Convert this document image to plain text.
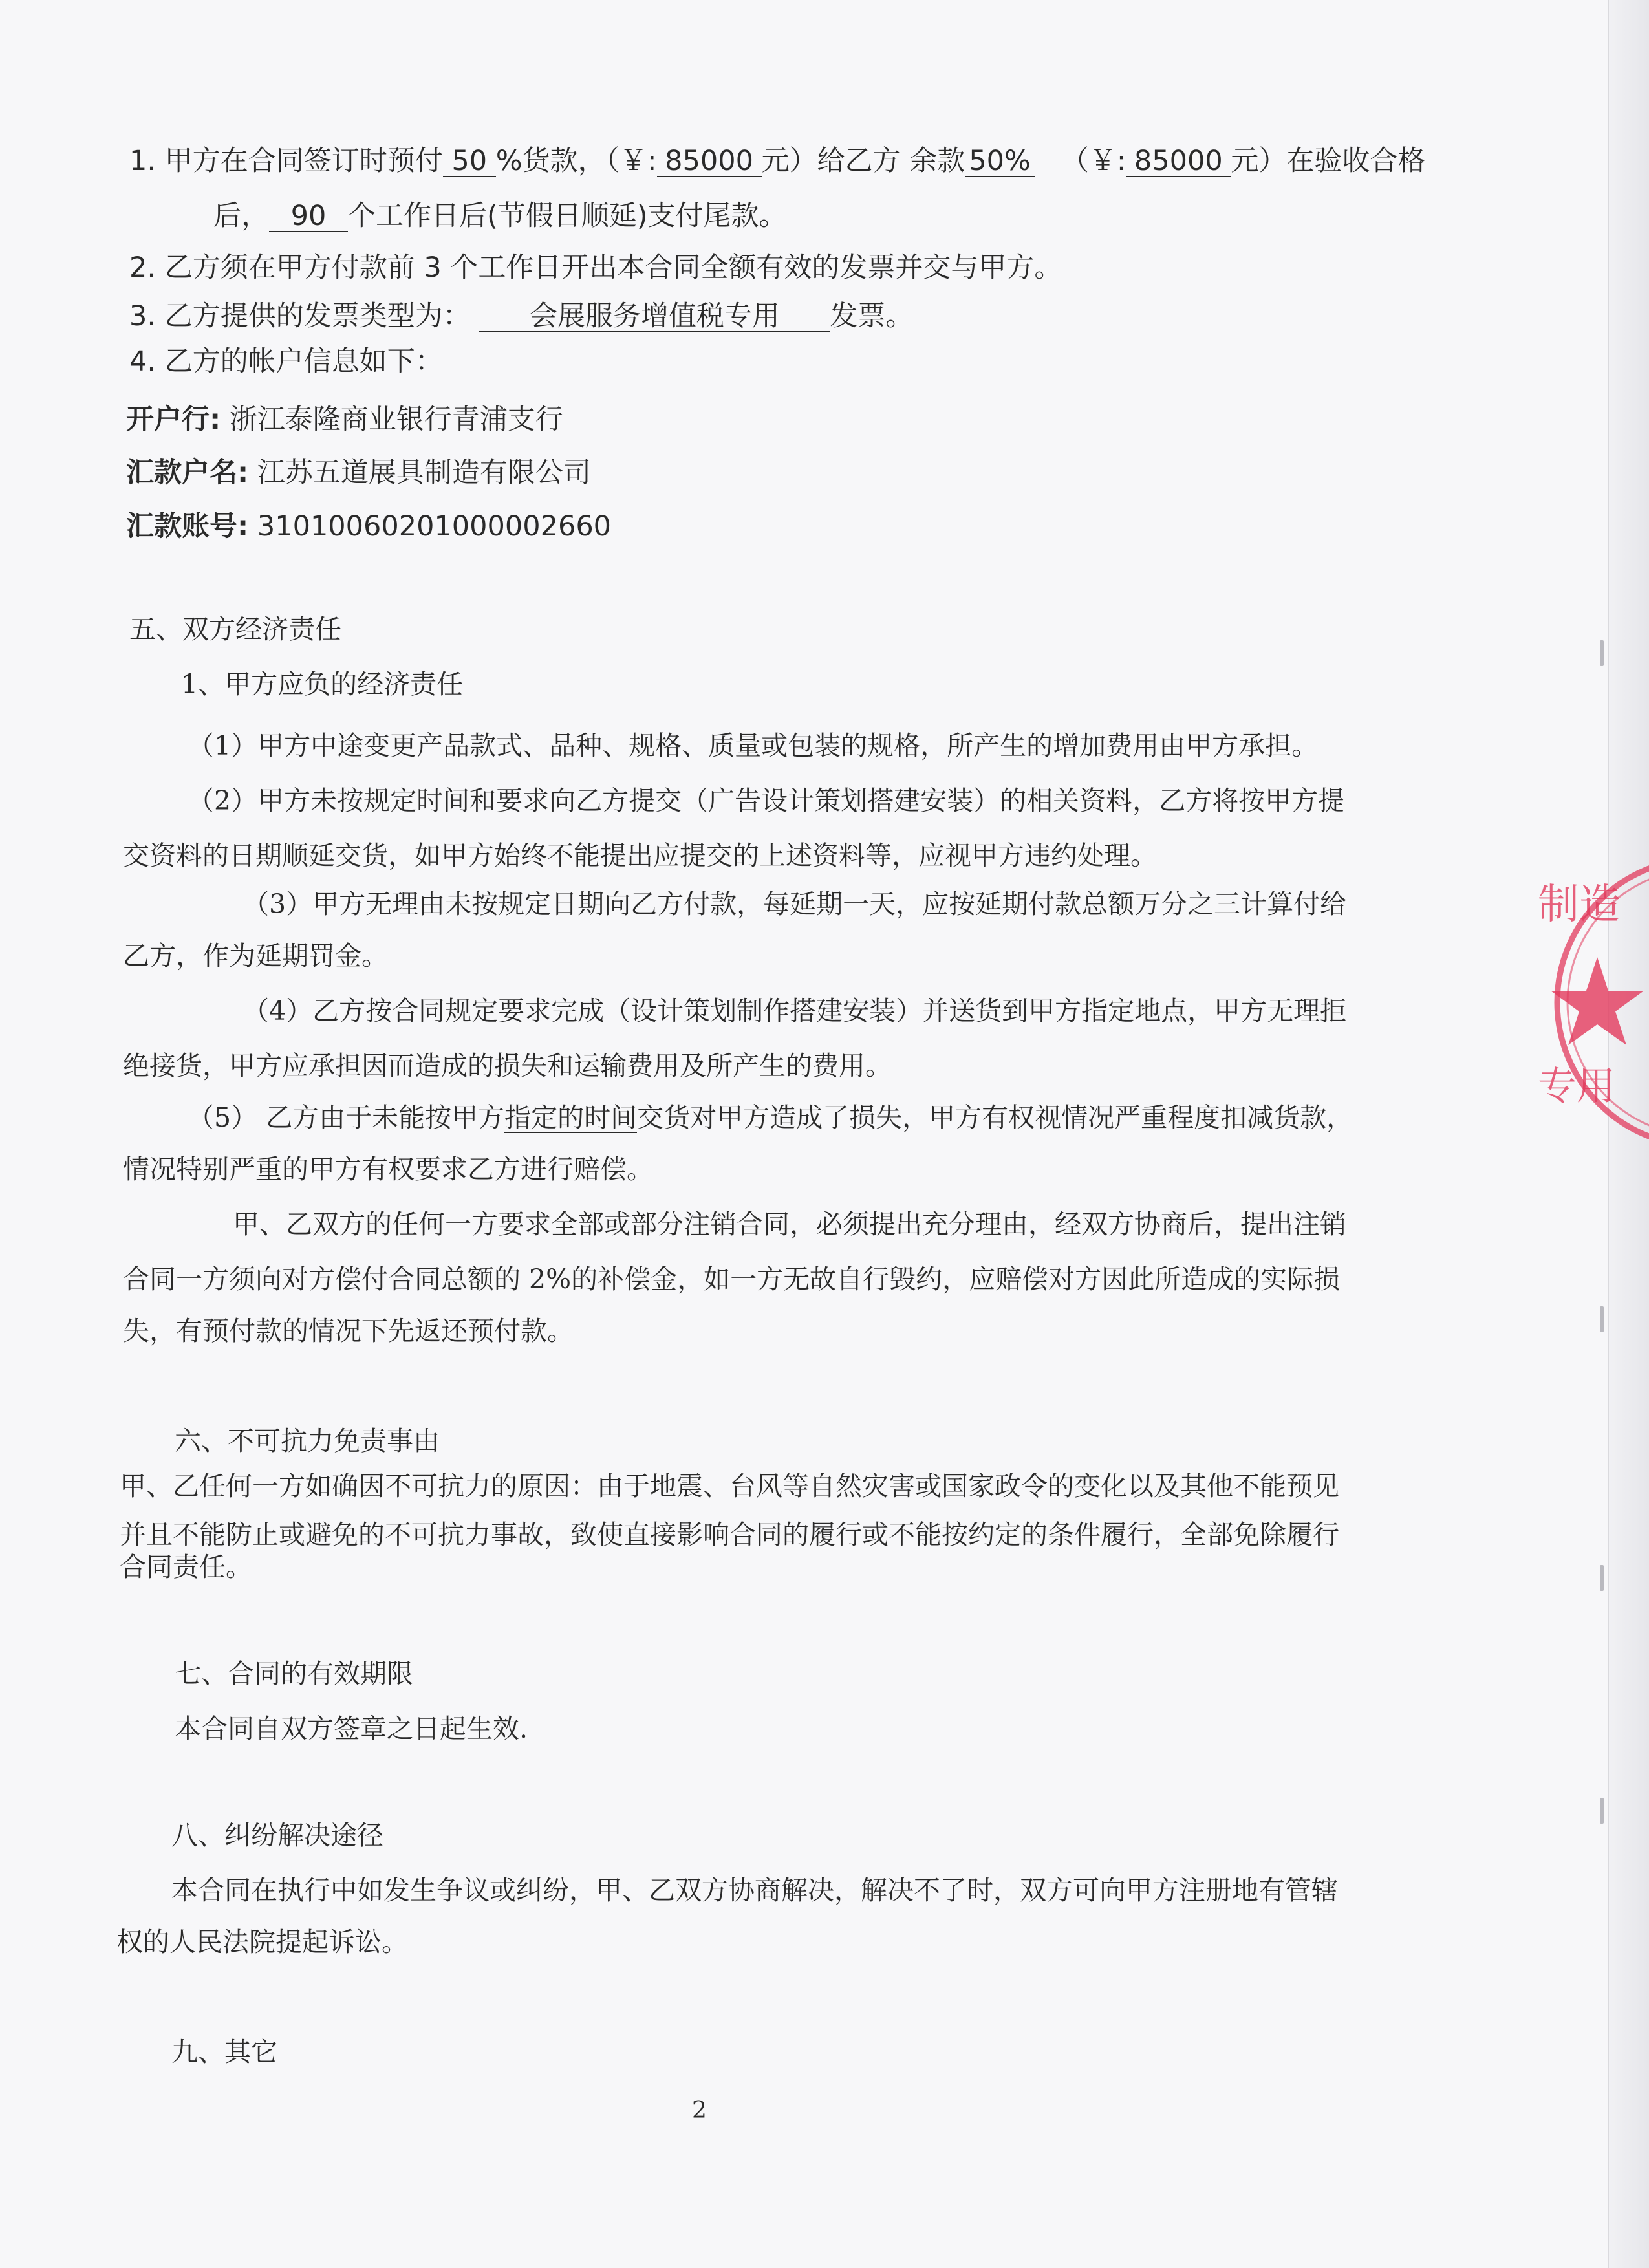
1. 甲方在合同签订时预付 50 %货款，（￥: 85000 元）给乙方 余款 50% （￥: 85000 元）在验收合格
后， 90 个工作日后(节假日顺延)支付尾款。
2. 乙方须在甲方付款前 3 个工作日开出本合同全额有效的发票并交与甲方。
3. 乙方提供的发票类型为： 会展服务增值税专用 发票。
4. 乙方的帐户信息如下：
开户行: 浙江泰隆商业银行青浦支行
汇款户名: 江苏五道展具制造有限公司
汇款账号: 31010060201000002660
五、双方经济责任
1、甲方应负的经济责任
（1）甲方中途变更产品款式、品种、规格、质量或包装的规格，所产生的增加费用由甲方承担。
（2）甲方未按规定时间和要求向乙方提交（广告设计策划搭建安装）的相关资料，乙方将按甲方提
交资料的日期顺延交货，如甲方始终不能提出应提交的上述资料等，应视甲方违约处理。
（3）甲方无理由未按规定日期向乙方付款，每延期一天，应按延期付款总额万分之三计算付给
乙方，作为延期罚金。
（4）乙方按合同规定要求完成（设计策划制作搭建安装）并送货到甲方指定地点，甲方无理拒
绝接货，甲方应承担因而造成的损失和运输费用及所产生的费用。
（5） 乙方由于未能按甲方指定的时间交货对甲方造成了损失，甲方有权视情况严重程度扣减货款，
情况特别严重的甲方有权要求乙方进行赔偿。
甲、乙双方的任何一方要求全部或部分注销合同，必须提出充分理由，经双方协商后，提出注销
合同一方须向对方偿付合同总额的 2%的补偿金，如一方无故自行毁约，应赔偿对方因此所造成的实际损
失，有预付款的情况下先返还预付款。
六、不可抗力免责事由
甲、乙任何一方如确因不可抗力的原因：由于地震、台风等自然灾害或国家政令的变化以及其他不能预见
并且不能防止或避免的不可抗力事故，致使直接影响合同的履行或不能按约定的条件履行，全部免除履行
合同责任。
七、合同的有效期限
本合同自双方签章之日起生效.
八、纠纷解决途径
本合同在执行中如发生争议或纠纷，甲、乙双方协商解决，解决不了时，双方可向甲方注册地有管辖
权的人民法院提起诉讼。
九、其它
2
制造
专用
